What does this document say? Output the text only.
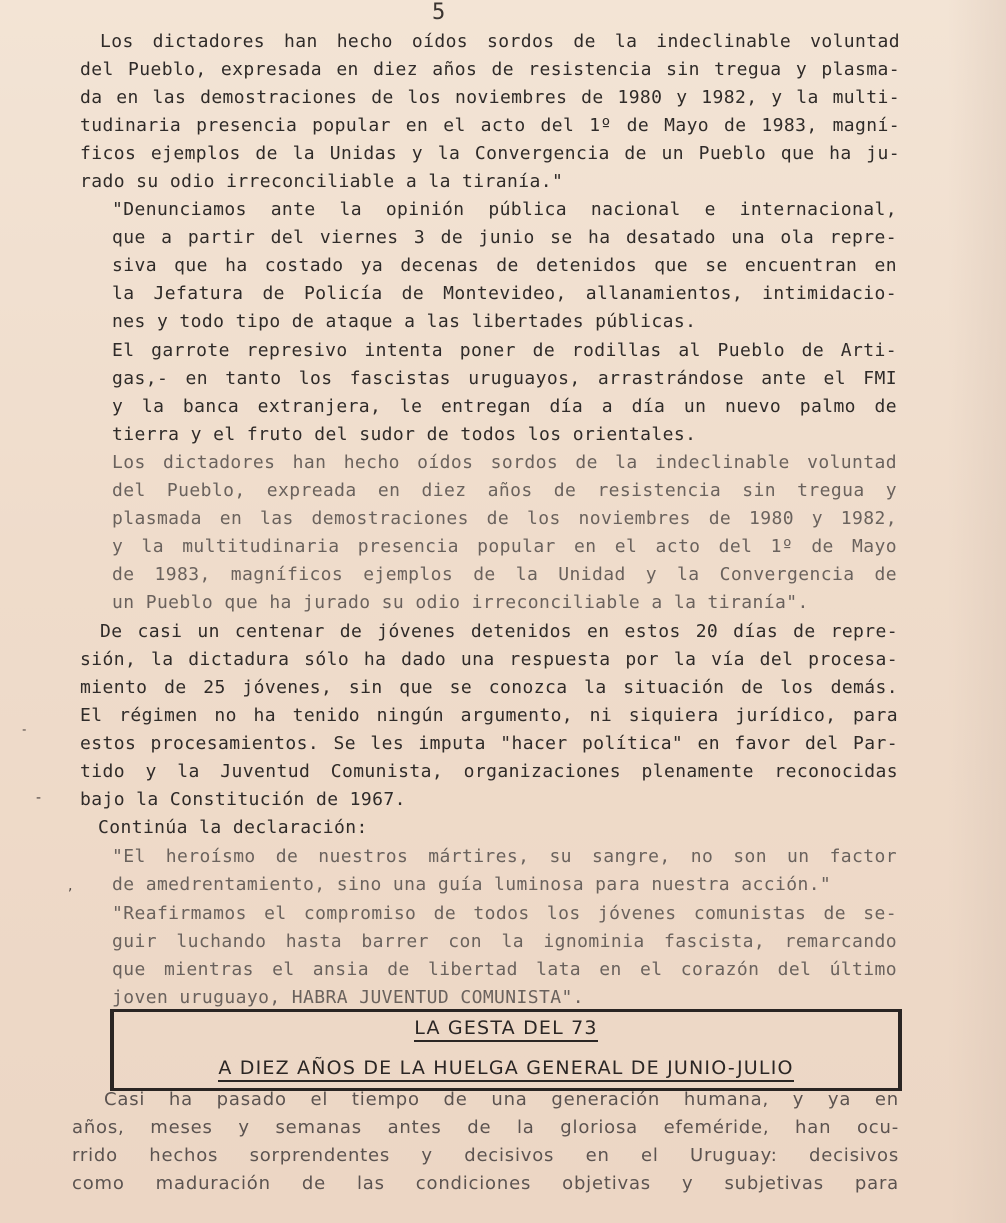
5
Los dictadores han hecho oídos sordos de la indeclinable voluntad
del Pueblo, expresada en diez años de resistencia sin tregua y plasma-
da en las demostraciones de los noviembres de 1980 y 1982, y la multi-
tudinaria presencia popular en el acto del 1º de Mayo de 1983, magní-
ficos ejemplos de la Unidas y la Convergencia de un Pueblo que ha ju-
rado su odio irreconciliable a la tiranía."
"Denunciamos ante la opinión pública nacional e internacional,
que a partir del viernes 3 de junio se ha desatado una ola repre-
siva que ha costado ya decenas de detenidos que se encuentran en
la Jefatura de Policía de Montevideo, allanamientos, intimidacio-
nes y todo tipo de ataque a las libertades públicas.
El garrote represivo intenta poner de rodillas al Pueblo de Arti-
gas,- en tanto los fascistas uruguayos, arrastrándose ante el FMI
y la banca extranjera, le entregan día a día un nuevo palmo de
tierra y el fruto del sudor de todos los orientales.
Los dictadores han hecho oídos sordos de la indeclinable voluntad
del Pueblo, expreada en diez años de resistencia sin tregua y
plasmada en las demostraciones de los noviembres de 1980 y 1982,
y la multitudinaria presencia popular en el acto del 1º de Mayo
de 1983, magníficos ejemplos de la Unidad y la Convergencia de
un Pueblo que ha jurado su odio irreconciliable a la tiranía".
De casi un centenar de jóvenes detenidos en estos 20 días de repre-
sión, la dictadura sólo ha dado una respuesta por la vía del procesa-
miento de 25 jóvenes, sin que se conozca la situación de los demás.
El régimen no ha tenido ningún argumento, ni siquiera jurídico, para
estos procesamientos. Se les imputa "hacer política" en favor del Par-
tido y la Juventud Comunista, organizaciones plenamente reconocidas
bajo la Constitución de 1967.
Continúa la declaración:
"El heroísmo de nuestros mártires, su sangre, no son un factor
de amedrentamiento, sino una guía luminosa para nuestra acción."
"Reafirmamos el compromiso de todos los jóvenes comunistas de se-
guir luchando hasta barrer con la ignominia fascista, remarcando
que mientras el ansia de libertad lata en el corazón del último
joven uruguayo, HABRA JUVENTUD COMUNISTA".
LA GESTA DEL 73
A DIEZ AÑOS DE LA HUELGA GENERAL DE JUNIO-JULIO
Casi ha pasado el tiempo de una generación humana, y ya en
años, meses y semanas antes de la gloriosa efeméride, han ocu-
rrido hechos sorprendentes y decisivos en el Uruguay: decisivos
como maduración de las condiciones objetivas y subjetivas para
˗
-
,
